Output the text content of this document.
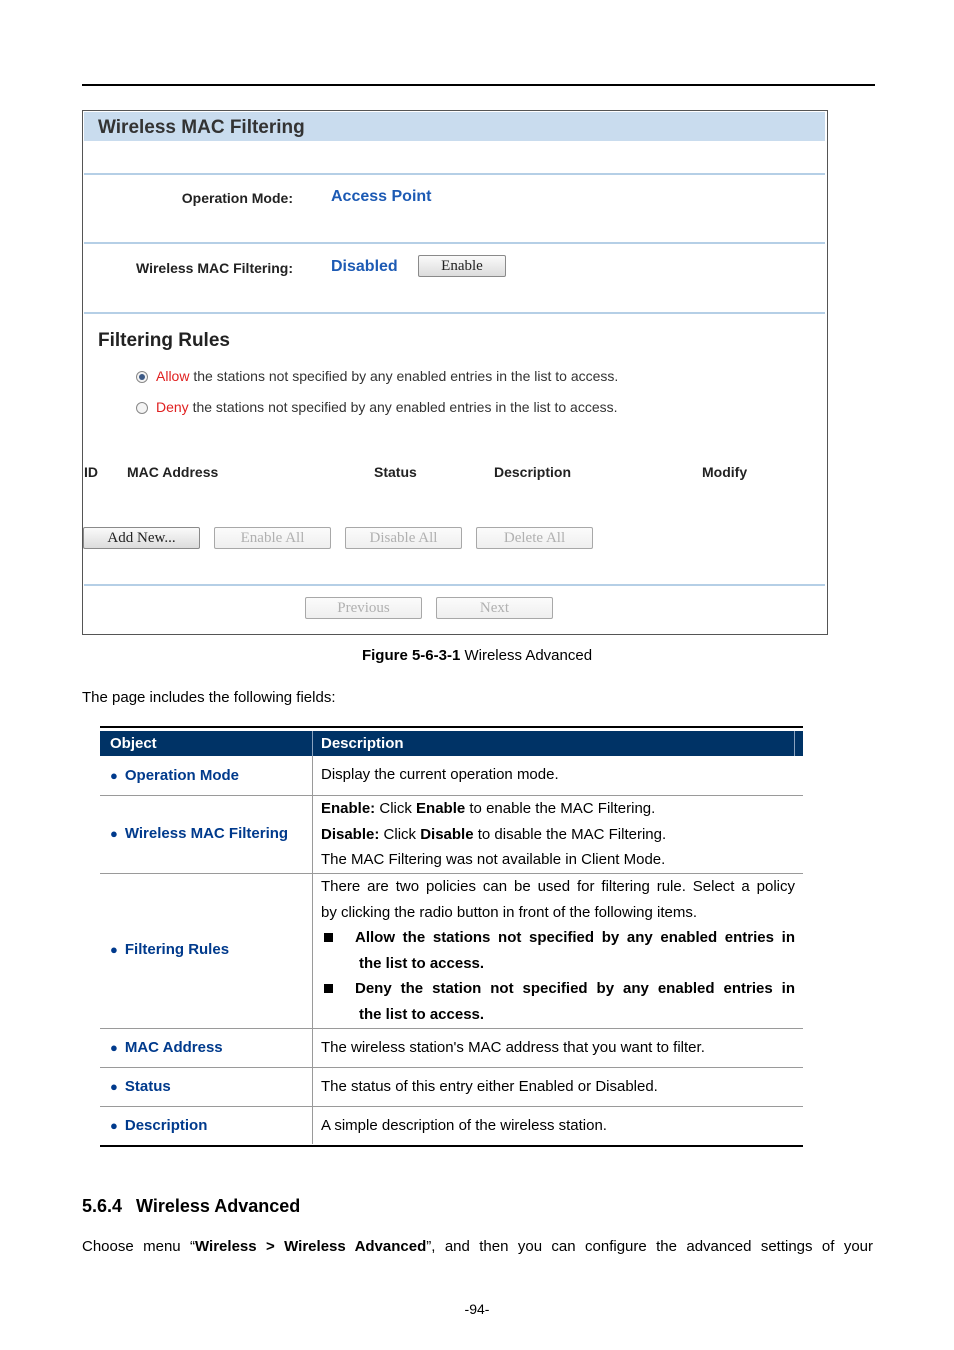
Wireless MAC Filtering
Operation Mode: Access Point
Wireless MAC Filtering: Disabled	Enable
Filtering Rules
Allow the stations not specified by any enabled entries in the list to access.
Deny the stations not specified by any enabled entries in the list to access.
ID MAC Address	Status	Description	Modify
Add New...	Enable All	Disable All	Delete All
Previous	Next
Figure 5-6-3-1 Wireless Advanced
The page includes the following fields:
Object	Description
● Operation Mode	Display the current operation mode.
● Wireless MAC Filtering
Enable: Click Enable to enable the MAC Filtering.
Disable: Click Disable to disable the MAC Filtering.
The MAC Filtering was not available in Client Mode.
● Filtering Rules
There are two policies can be used for filtering rule. Select a policy
by clicking the radio button in front of the following items.
Allow the stations not specified by any enabled entries in
the list to access.
Deny the station not specified by any enabled entries in
the list to access.
● MAC Address	The wireless station's MAC address that you want to filter.
● Status	The status of this entry either Enabled or Disabled.
● Description	A simple description of the wireless station.
5.6.4 Wireless Advanced
Choose menu “Wireless > Wireless Advanced”, and then you can configure the advanced settings of your
-94-
